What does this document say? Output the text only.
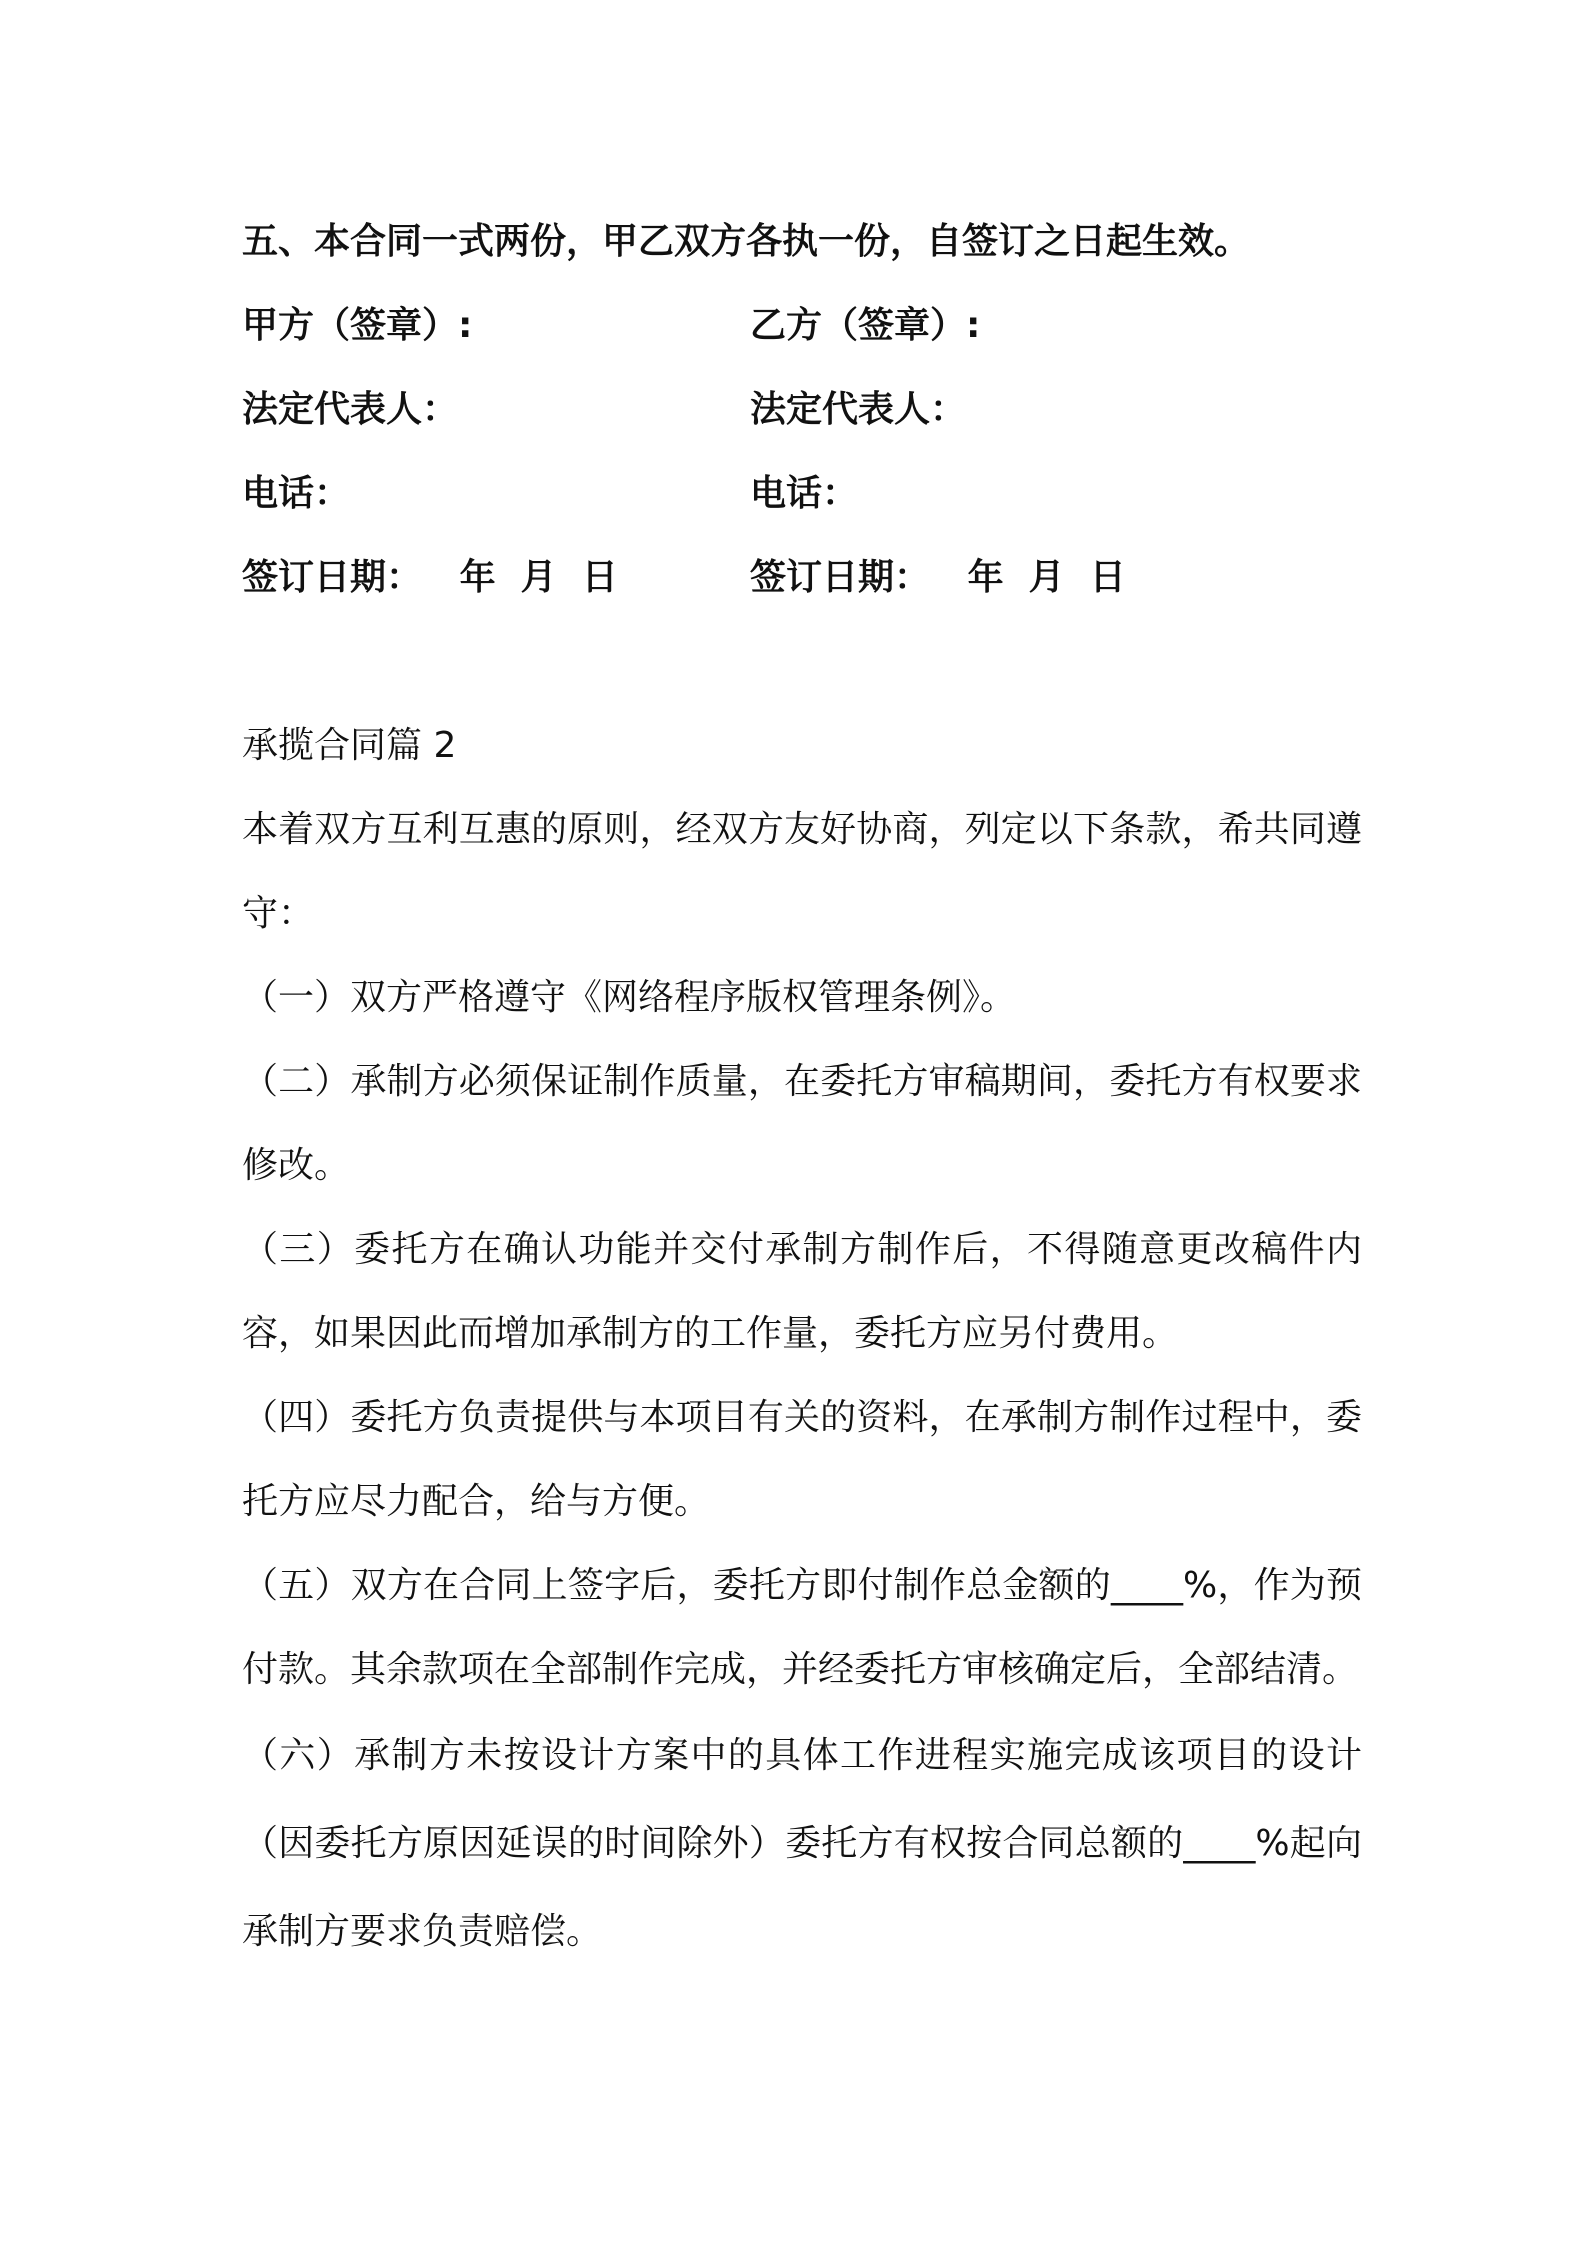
五、本合同一式两份，甲乙双方各执一份，自签订之日起生效。
甲方（签章）:	乙方（签章）:
法定代表人：	法定代表人：
电话：	电话：
签订日期：   年  月  日	签订日期：   年  月  日
承揽合同篇 2
本着双方互利互惠的原则，经双方友好协商，列定以下条款，希共同遵守：
（一）双方严格遵守《网络程序版权管理条例》。
（二）承制方必须保证制作质量，在委托方审稿期间，委托方有权要求修改。
（三）委托方在确认功能并交付承制方制作后，不得随意更改稿件内容，如果因此而增加承制方的工作量，委托方应另付费用。
（四）委托方负责提供与本项目有关的资料，在承制方制作过程中，委托方应尽力配合，给与方便。
（五）双方在合同上签字后，委托方即付制作总金额的____%，作为预付款。其余款项在全部制作完成，并经委托方审核确定后，全部结清。
（六）承制方未按设计方案中的具体工作进程实施完成该项目的设计（因委托方原因延误的时间除外）委托方有权按合同总额的____%起向承制方要求负责赔偿。
